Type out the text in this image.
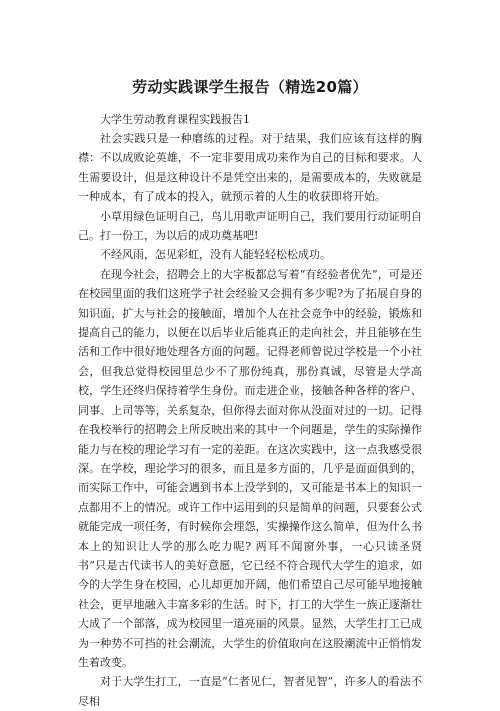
劳动实践课学生报告（精选20篇）

大学生劳动教育课程实践报告1

社会实践只是一种磨练的过程。对于结果，我们应该有这样的胸襟：不以成败论英雄，不一定非要用成功来作为自己的目标和要求。人生需要设计，但是这种设计不是凭空出来的，是需要成本的，失败就是一种成本，有了成本的投入，就预示着的人生的收获即将开始。

小草用绿色证明自己，鸟儿用歌声证明自己，我们要用行动证明自己。打一份工，为以后的成功奠基吧!

不经风雨，怎见彩虹，没有人能轻轻松松成功。

在现今社会，招聘会上的大字板都总写着“有经验者优先”，可是还在校园里面的我们这班学子社会经验又会拥有多少呢?为了拓展自身的知识面，扩大与社会的接触面，增加个人在社会竞争中的经验，锻炼和提高自己的能力，以便在以后毕业后能真正的走向社会，并且能够在生活和工作中很好地处理各方面的问题。记得老师曾说过学校是一个小社会，但我总觉得校园里总少不了那份纯真，那份真诚，尽管是大学高校，学生还终归保持着学生身份。而走进企业，接触各种各样的客户、同事、上司等等，关系复杂，但你得去面对你从没面对过的一切。记得在我校举行的招聘会上所反映出来的其中一个问题是，学生的实际操作能力与在校的理论学习有一定的差距。在这次实践中，这一点我感受很深。在学校，理论学习的很多，而且是多方面的，几乎是面面俱到的，而实际工作中，可能会遇到书本上没学到的，又可能是书本上的知识一点都用不上的情况。或许工作中运用到的只是简单的问题，只要套公式就能完成一项任务，有时候你会埋怨，实操操作这么简单，但为什么书本上的知识让人学的那么吃力呢? 两耳不闻窗外事，一心只读圣贤书”只是古代读书人的美好意愿，它已经不符合现代大学生的追求，如今的大学生身在校园，心儿却更加开阔，他们希望自己尽可能早地接触社会，更早地融入丰富多彩的生活。时下，打工的大学生一族正逐渐壮大成了一个部落，成为校园里一道亮丽的风景。显然，大学生打工已成为一种势不可挡的社会潮流，大学生的价值取向在这股潮流中正悄悄发生着改变。

对于大学生打工，一直是“仁者见仁，智者见智”，许多人的看法不尽相
